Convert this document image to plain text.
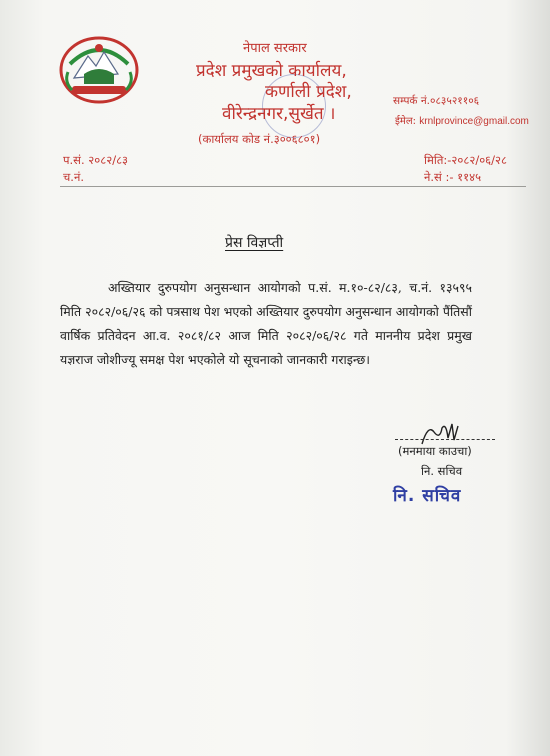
नेपाल सरकार
प्रदेश प्रमुखको कार्यालय,
कर्णाली प्रदेश,
वीरेन्द्रनगर,सुर्खेत ।
(कार्यालय कोड नं.३००६८०१)
सम्पर्क नं.०८३५२११०६
ईमेल: krnlprovince@gmail.com
प.सं. २०८२/८३
च.नं.
मिति:-२०८२/०६/२८
ने.सं :- ११४५
प्रेस विज्ञप्ती
अख्तियार दुरुपयोग अनुसन्धान आयोगको प.सं. म.१०-८२/८३, च.नं. १३५९५ मिति २०८२/०६/२६ को पत्रसाथ पेश भएको अख्तियार दुरुपयोग अनुसन्धान आयोगको पैंतिसौं वार्षिक प्रतिवेदन आ.व. २०८१/८२ आज मिति २०८२/०६/२८ गते माननीय प्रदेश प्रमुख यज्ञराज जोशीज्यू समक्ष पेश भएकोले यो सूचनाको जानकारी गराइन्छ।
(मनमाया काउचा)
नि. सचिव
नि. सचिव
